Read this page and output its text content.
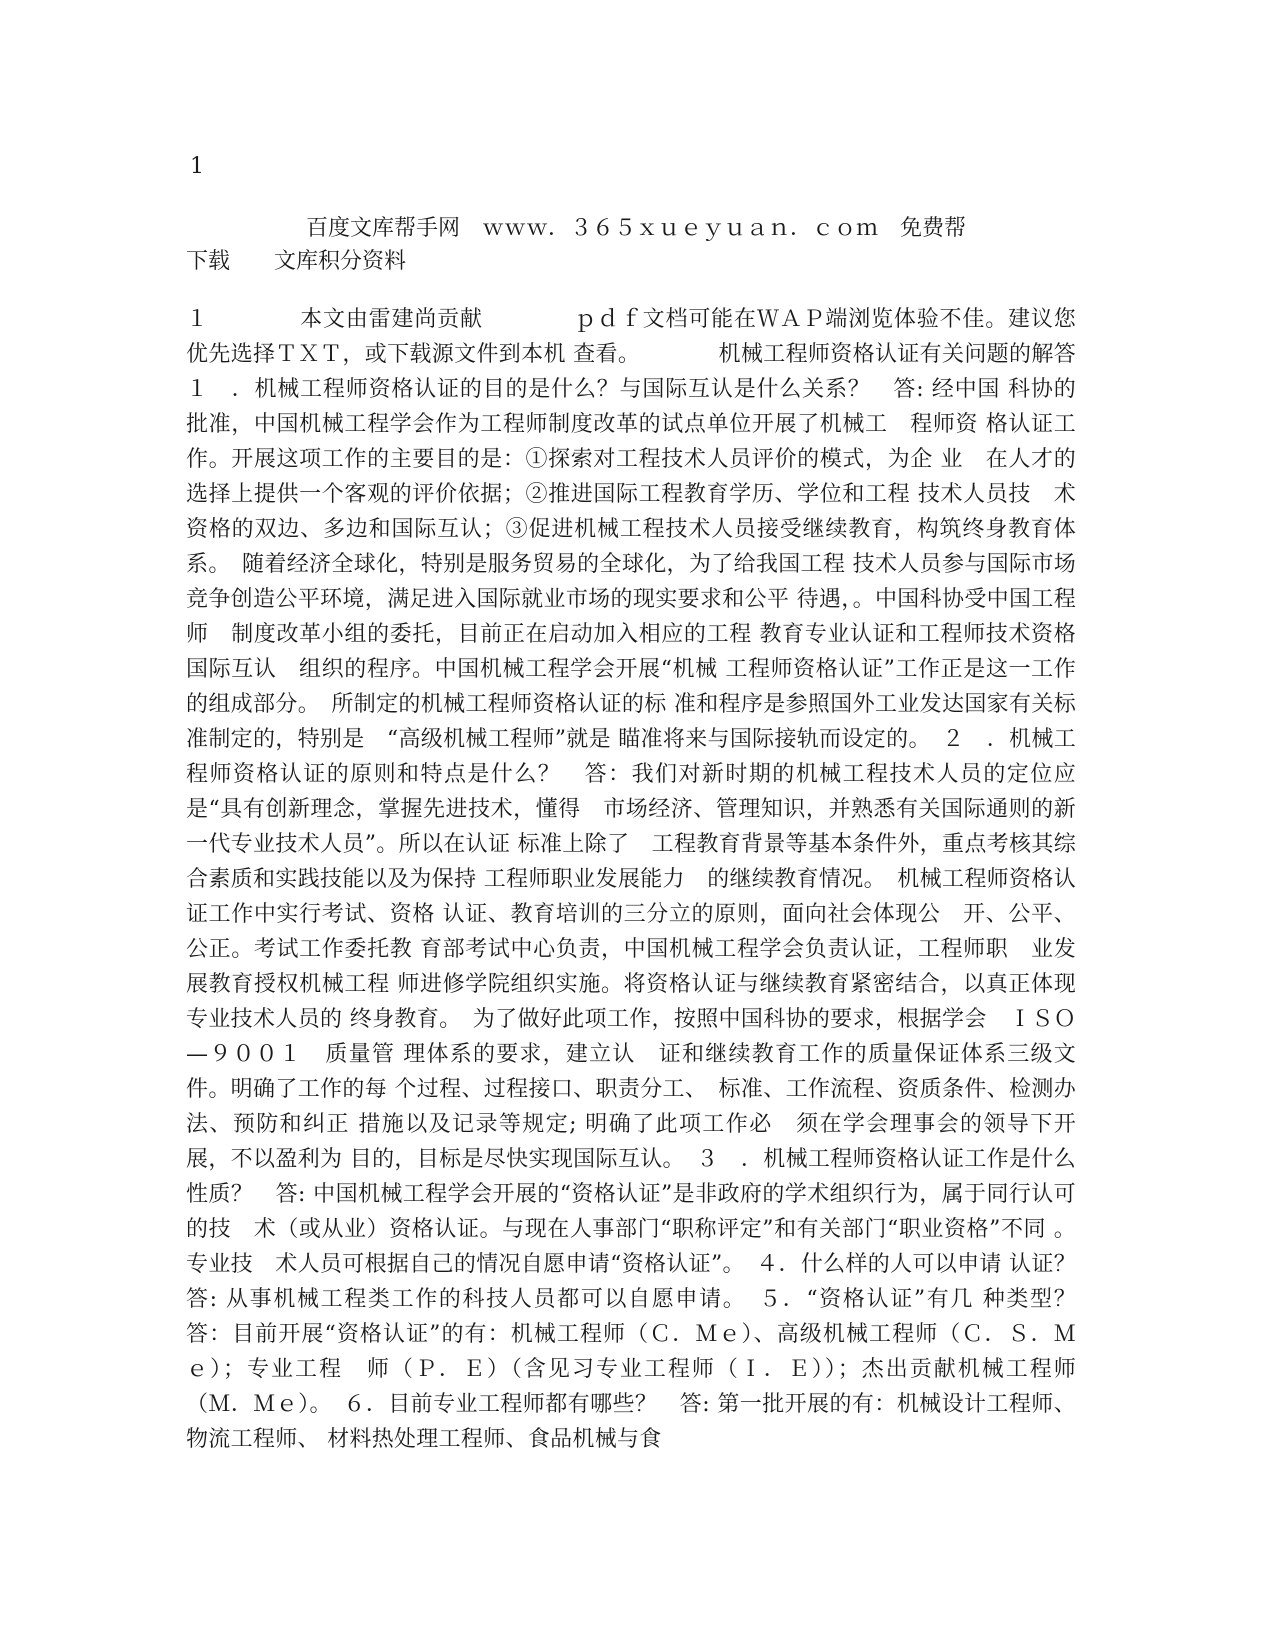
1
百度文库帮手网　ｗｗｗ．３６５ｘｕｅｙｕａｎ．ｃｏｍ　免费帮
下载　　文库积分资料

１　　　　本文由雷建尚贡献　　　　ｐｄｆ文档可能在ＷＡＰ端浏览体验不佳。建议您优先选择ＴＸＴ，或下载源文件到本机 查看。　　　　机械工程师资格认证有关问题的解答　　　　１　．机械工程师资格认证的目的是什么？与国际互认是什么关系？　答: 经中国 科协的批准，中国机械工程学会作为工程师制度改革的试点单位开展了机械工　程师资 格认证工作。开展这项工作的主要目的是：①探索对工程技术人员评价的模式，为企 业　在人才的选择上提供一个客观的评价依据；②推进国际工程教育学历、学位和工程 技术人员技　术资格的双边、多边和国际互认；③促进机械工程技术人员接受继续教育，构筑终身教育体系。　随着经济全球化，特别是服务贸易的全球化，为了给我国工程 技术人员参与国际市场　竞争创造公平环境，满足进入国际就业市场的现实要求和公平 待遇，。中国科协受中国工程师　制度改革小组的委托，目前正在启动加入相应的工程 教育专业认证和工程师技术资格国际互认　组织的程序。中国机械工程学会开展“机械 工程师资格认证”工作正是这一工作的组成部分。　所制定的机械工程师资格认证的标 准和程序是参照国外工业发达国家有关标准制定的，特别是　“高级机械工程师”就是 瞄准将来与国际接轨而设定的。　２　．机械工程师资格认证的原则和特点是什么？　答：我们对新时期的机械工程技术人员的定位应是“具有创新理念，掌握先进技术，懂得　市场经济、管理知识，并熟悉有关国际通则的新一代专业技术人员”。所以在认证 标准上除了　工程教育背景等基本条件外，重点考核其综合素质和实践技能以及为保持 工程师职业发展能力　的继续教育情况。　机械工程师资格认证工作中实行考试、资格 认证、教育培训的三分立的原则，面向社会体现公　开、公平、公正。考试工作委托教 育部考试中心负责，中国机械工程学会负责认证，工程师职　业发展教育授权机械工程 师进修学院组织实施。将资格认证与继续教育紧密结合，以真正体现　专业技术人员的 终身教育。　为了做好此项工作，按照中国科协的要求，根据学会　ＩＳＯ—９００１　质量管 理体系的要求，建立认　证和继续教育工作的质量保证体系三级文件。明确了工作的每 个过程、过程接口、职责分工、　标准、工作流程、资质条件、检测办法、预防和纠正 措施以及记录等规定; 明确了此项工作必　须在学会理事会的领导下开展，不以盈利为 目的，目标是尽快实现国际互认。　３　．机械工程师资格认证工作是什么性质？　答: 中国机械工程学会开展的“资格认证”是非政府的学术组织行为，属于同行认可的技　术（或从业）资格认证。与现在人事部门“职称评定”和有关部门“职业资格”不同 。专业技　术人员可根据自己的情况自愿申请“资格认证”。　４．什么样的人可以申请 认证？　答: 从事机械工程类工作的科技人员都可以自愿申请。　５．“资格认证”有几 种类型？　答：目前开展“资格认证”的有：机械工程师（Ｃ．Ｍｅ）、高级机械工程师（Ｃ．Ｓ．Ｍｅ）；专业工程　师（Ｐ．Ｅ）（含见习专业工程师（Ｉ．Ｅ））；杰出贡献机械工程师（Ｍ．Ｍｅ）。　６．目前专业工程师都有哪些？　答: 第一批开展的有：机械设计工程师、物流工程师、 材料热处理工程师、食品机械与食
